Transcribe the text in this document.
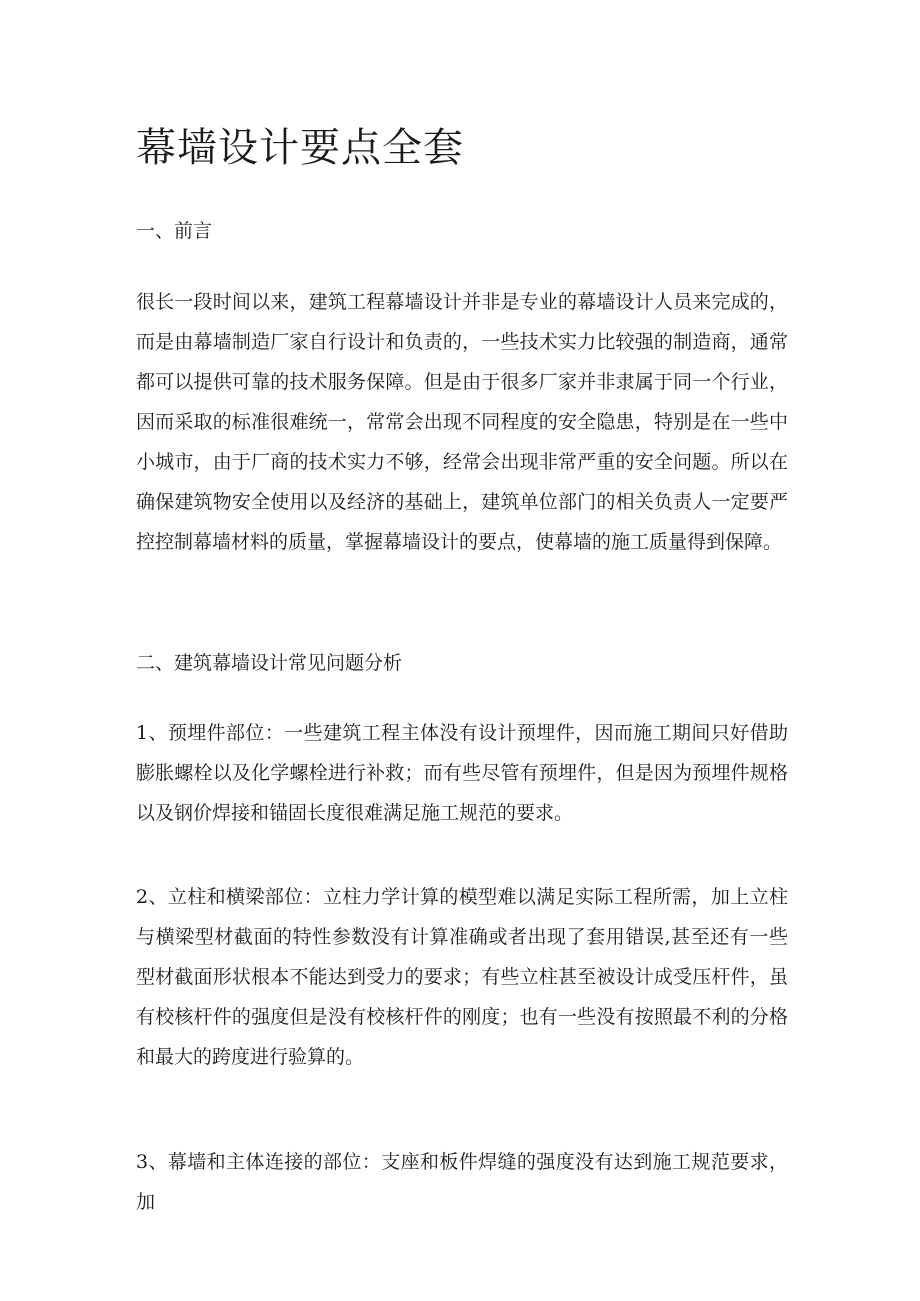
幕墙设计要点全套
一、前言

很长一段时间以来，建筑工程幕墙设计并非是专业的幕墙设计人员来完成的，而是由幕墙制造厂家自行设计和负责的，一些技术实力比较强的制造商，通常都可以提供可靠的技术服务保障。但是由于很多厂家并非隶属于同一个行业，因而采取的标准很难统一，常常会出现不同程度的安全隐患，特别是在一些中小城市，由于厂商的技术实力不够，经常会出现非常严重的安全问题。所以在确保建筑物安全使用以及经济的基础上，建筑单位部门的相关负责人一定要严控控制幕墙材料的质量，掌握幕墙设计的要点，使幕墙的施工质量得到保障。

二、建筑幕墙设计常见问题分析

1、预埋件部位：一些建筑工程主体没有设计预埋件，因而施工期间只好借助膨胀螺栓以及化学螺栓进行补救；而有些尽管有预埋件，但是因为预埋件规格以及钢价焊接和锚固长度很难满足施工规范的要求。

2、立柱和横梁部位：立柱力学计算的模型难以满足实际工程所需，加上立柱与横梁型材截面的特性参数没有计算准确或者出现了套用错误,甚至还有一些型材截面形状根本不能达到受力的要求；有些立柱甚至被设计成受压杆件，虽有校核杆件的强度但是没有校核杆件的刚度；也有一些没有按照最不利的分格和最大的跨度进行验算的。

3、幕墙和主体连接的部位：支座和板件焊缝的强度没有达到施工规范要求，加
